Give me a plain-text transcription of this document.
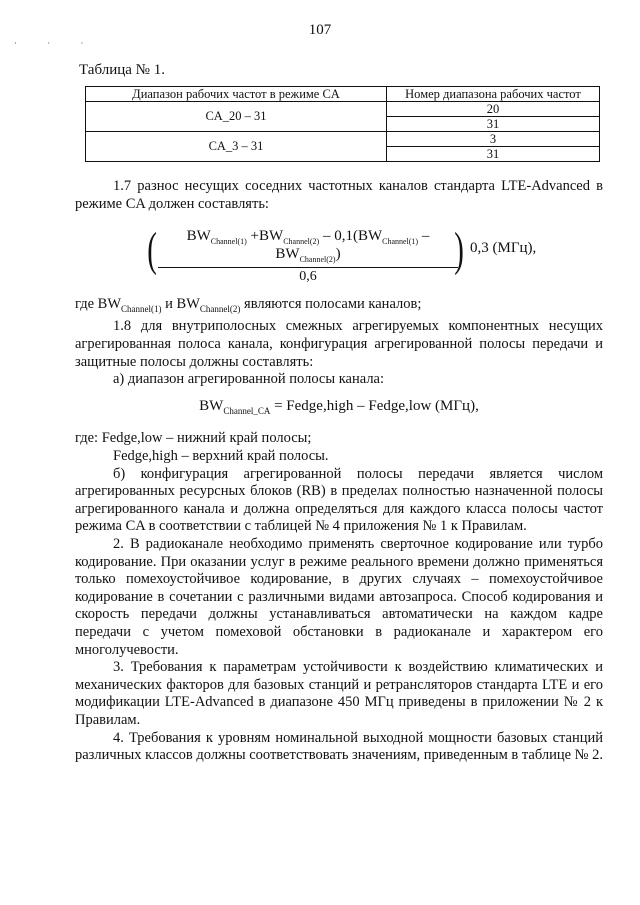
107
· · ·
Таблица № 1.
Диапазон рабочих частот в режиме CA	Номер диапазона рабочих частот
CA_20 – 31	20
	31
CA_3 – 31	3
	31

1.7 разнос несущих соседних частотных каналов стандарта LTE-Advanced в режиме CA должен составлять:

(	$BW_{Channel(1)} +BW_{Channel(2)} - 0,1(BW_{Channel(1)}$ $-BW_{Channel(2)}$)
0,6
) 0,3 (МГц),

где $BW_{Channel(1)}$ и $BW_{Channel(2)}$ являются полосами каналов;

1.8 для внутриполосных смежных агрегируемых компонентных несущих агрегированная полоса канала, конфигурация агрегированной полосы передачи и защитные полосы должны составлять:

а) диапазон агрегированной полосы канала:

$BW_{Channel\_CA}$ = Fedge,high – Fedge,low (МГц),

где: Fedge,low – нижний край полосы;

Fedge,high – верхний край полосы.

б) конфигурация агрегированной полосы передачи является числом агрегированных ресурсных блоков (RB) в пределах полностью назначенной полосы агрегированного канала и должна определяться для каждого класса полосы частот режима CA в соответствии с таблицей № 4 приложения № 1 к Правилам.

2. В радиоканале необходимо применять сверточное кодирование или турбо кодирование. При оказании услуг в режиме реального времени должно применяться только помехоустойчивое кодирование, в других случаях – помехоустойчивое кодирование в сочетании с различными видами автозапроса. Способ кодирования и скорость передачи должны устанавливаться автоматически на каждом кадре передачи с учетом помеховой обстановки в радиоканале и характером его многолучевости.

3. Требования к параметрам устойчивости к воздействию климатических и механических факторов для базовых станций и ретрансляторов стандарта LTE и его модификации LTE-Advanced в диапазоне 450 МГц приведены в приложении № 2 к Правилам.

4. Требования к уровням номинальной выходной мощности базовых станций различных классов должны соответствовать значениям, приведенным в таблице № 2.
